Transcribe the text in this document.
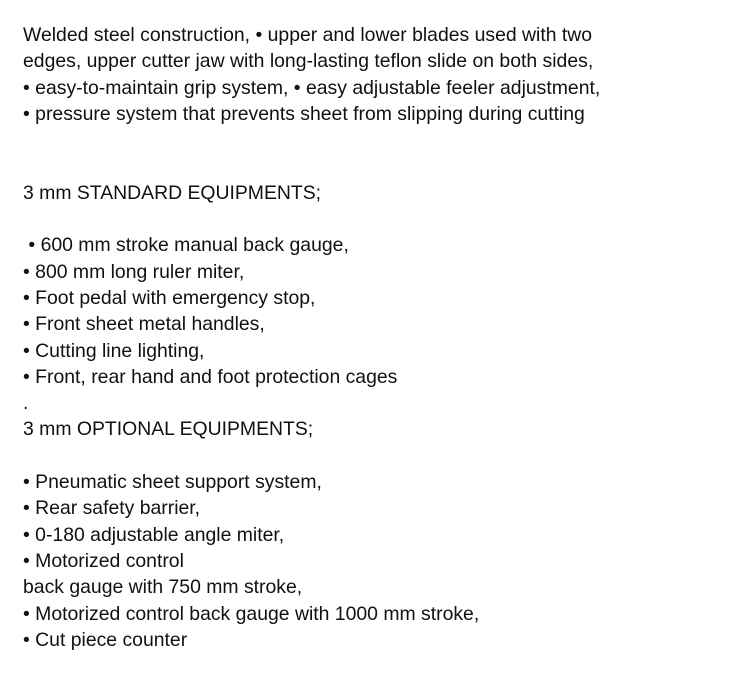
Welded steel construction, • upper and lower blades used with two
edges, upper cutter jaw with long-lasting teflon slide on both sides,
• easy-to-maintain grip system, • easy adjustable feeler adjustment,
• pressure system that prevents sheet from slipping during cutting
3 mm STANDARD EQUIPMENTS;
• 600 mm stroke manual back gauge,
• 800 mm long ruler miter,
• Foot pedal with emergency stop,
• Front sheet metal handles,
• Cutting line lighting,
• Front, rear hand and foot protection cages
.
3 mm OPTIONAL EQUIPMENTS;
• Pneumatic sheet support system,
• Rear safety barrier,
• 0-180 adjustable angle miter,
• Motorized control
back gauge with 750 mm stroke,
• Motorized control back gauge with 1000 mm stroke,
• Cut piece counter
